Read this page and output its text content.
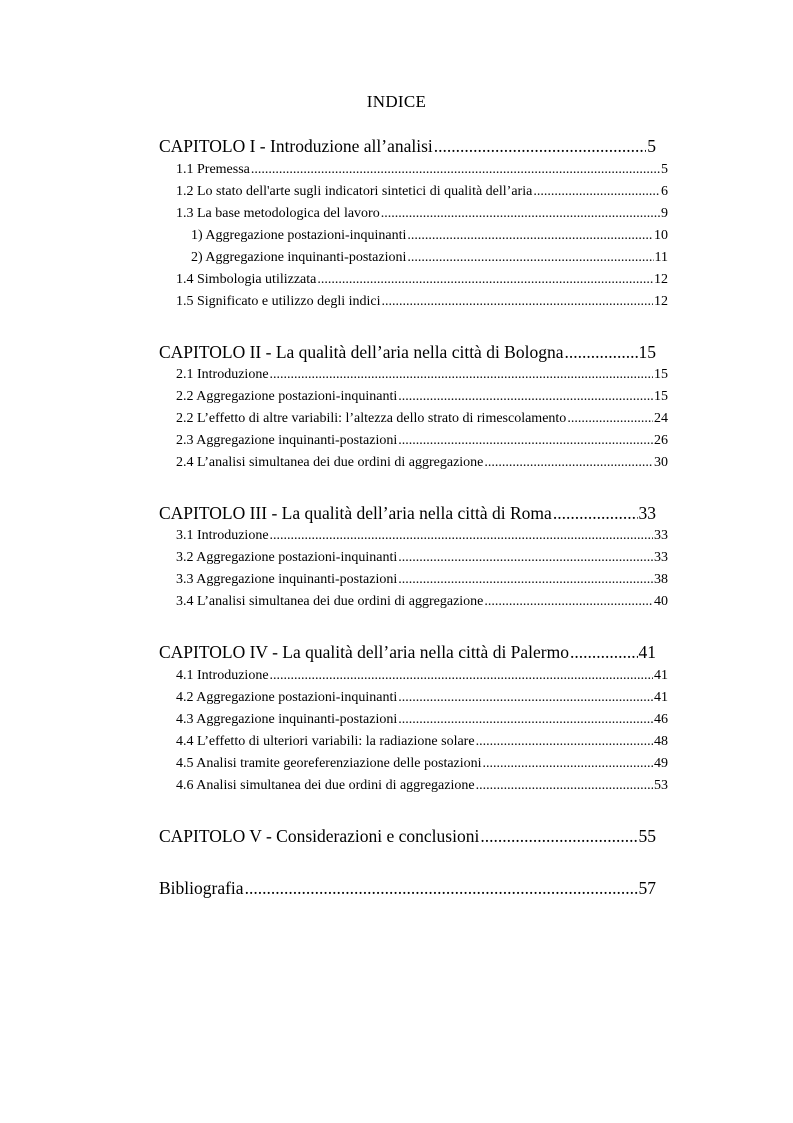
INDICE
CAPITOLO I - Introduzione all’analisi .....	5
1.1 Premessa .....	5
1.2 Lo stato dell'arte sugli indicatori sintetici di qualità dell’aria .....	6
1.3 La base metodologica del lavoro .....	9
1) Aggregazione postazioni-inquinanti .....	10
2) Aggregazione inquinanti-postazioni .....	11
1.4 Simbologia utilizzata .....	12
1.5 Significato e utilizzo degli indici .....	12
CAPITOLO II - La qualità dell’aria nella città di Bologna .....	15
2.1 Introduzione .....	15
2.2 Aggregazione postazioni-inquinanti .....	15
2.2 L’effetto di altre variabili: l’altezza dello strato di rimescolamento .....	24
2.3 Aggregazione inquinanti-postazioni .....	26
2.4 L’analisi simultanea dei due ordini di aggregazione .....	30
CAPITOLO III - La qualità dell’aria nella città di Roma .....	33
3.1 Introduzione .....	33
3.2 Aggregazione postazioni-inquinanti .....	33
3.3 Aggregazione inquinanti-postazioni .....	38
3.4 L’analisi simultanea dei due ordini di aggregazione .....	40
CAPITOLO IV - La qualità dell’aria nella città di Palermo .....	41
4.1 Introduzione .....	41
4.2 Aggregazione postazioni-inquinanti .....	41
4.3 Aggregazione inquinanti-postazioni .....	46
4.4 L’effetto di ulteriori variabili: la radiazione solare .....	48
4.5 Analisi tramite georeferenziazione delle postazioni .....	49
4.6 Analisi simultanea dei due ordini di aggregazione .....	53
CAPITOLO V - Considerazioni e conclusioni .....	55
Bibliografia .....	57
